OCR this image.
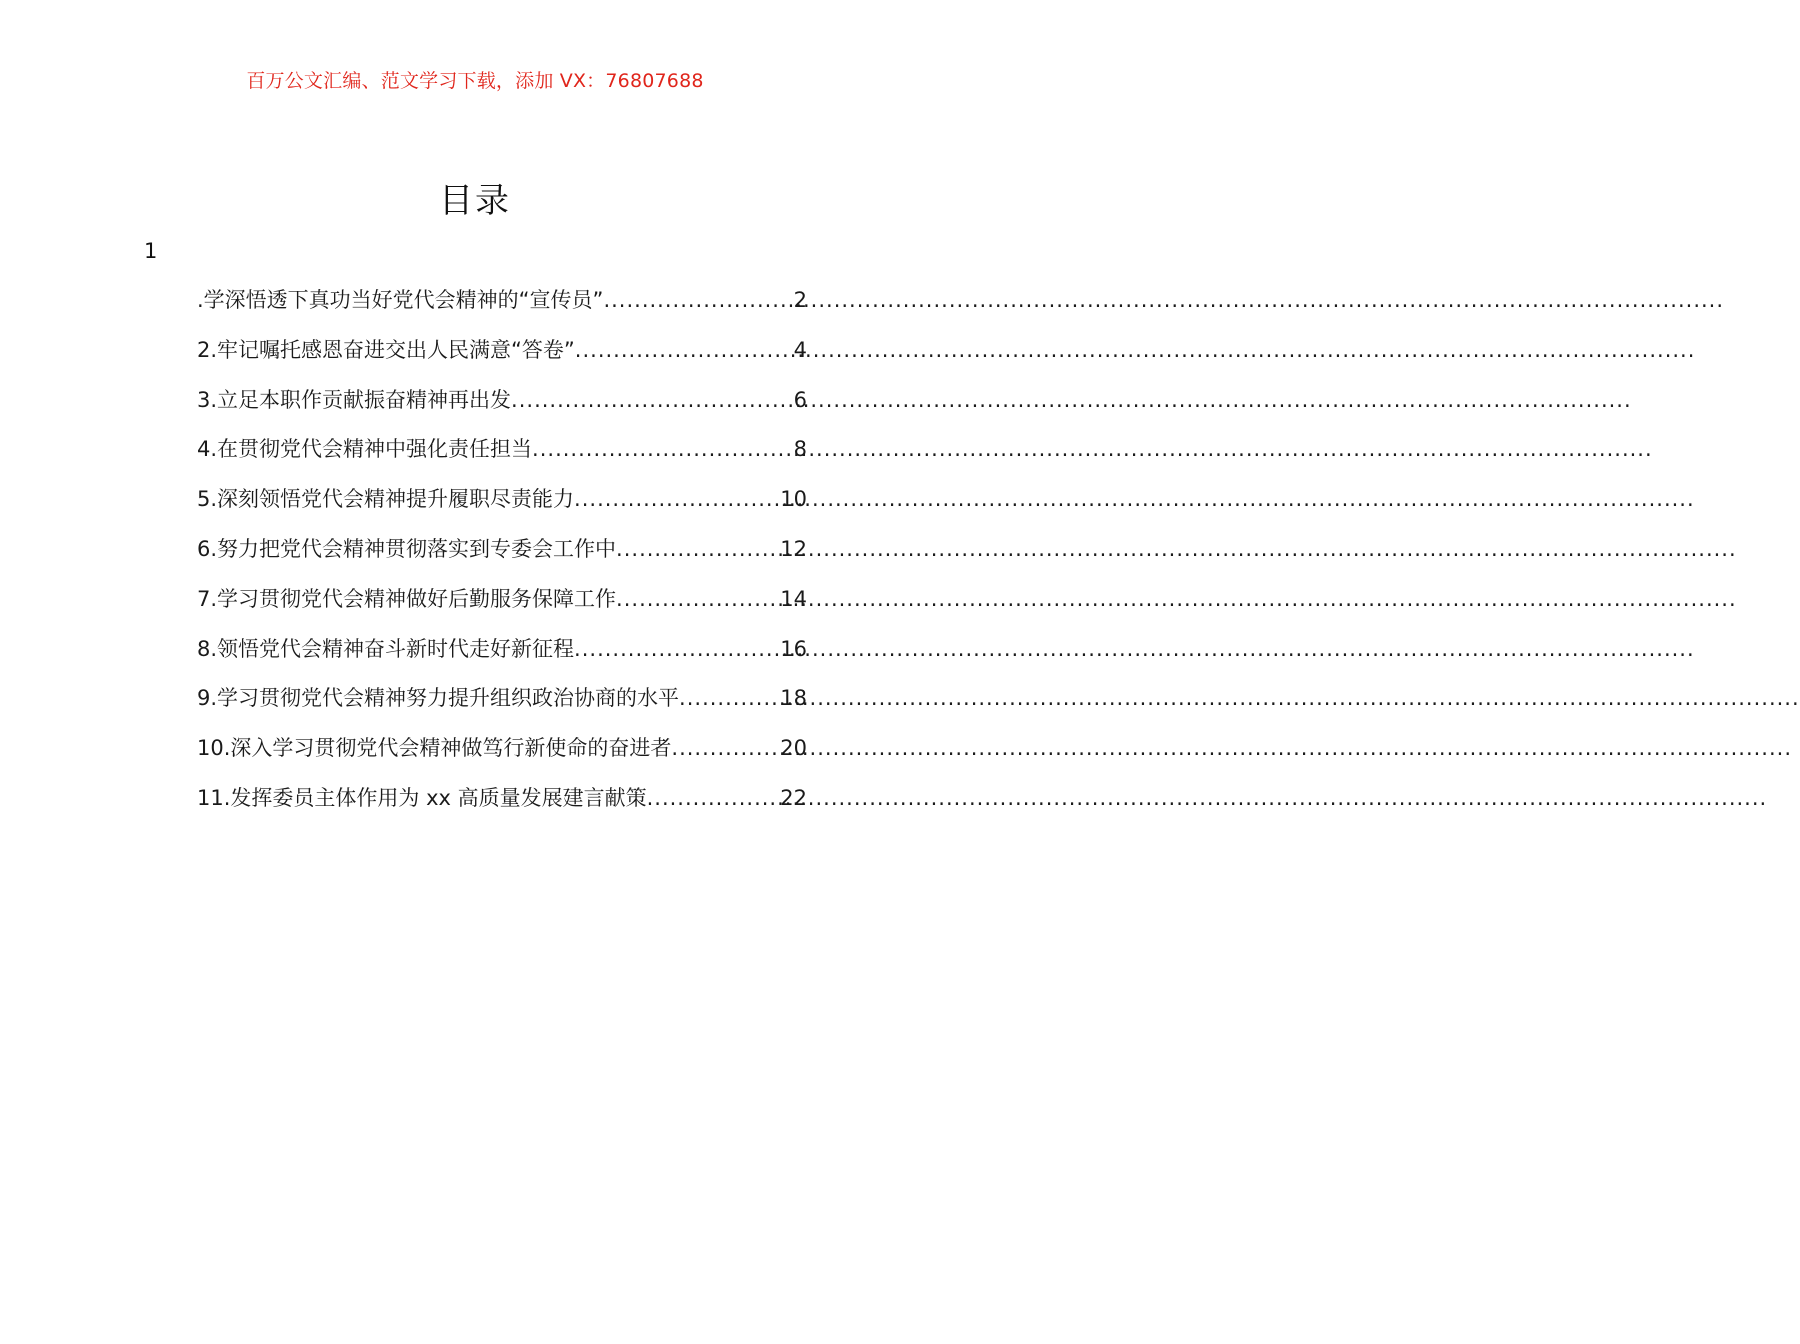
百万公文汇编、范文学习下载，添加 VX：76807688
目录
1
.学深悟透下真功当好党代会精神的“宣传员” .....	2
2.牢记嘱托感恩奋进交出人民满意“答卷” .....	4
3.立足本职作贡献振奋精神再出发 .....	6
4.在贯彻党代会精神中强化责任担当 .....	8
5.深刻领悟党代会精神提升履职尽责能力 .....	10
6.努力把党代会精神贯彻落实到专委会工作中 .....	12
7.学习贯彻党代会精神做好后勤服务保障工作 .....	14
8.领悟党代会精神奋斗新时代走好新征程 .....	16
9.学习贯彻党代会精神努力提升组织政治协商的水平 .....	18
10.深入学习贯彻党代会精神做笃行新使命的奋进者 .....	20
11.发挥委员主体作用为 xx 高质量发展建言献策 .....	22
